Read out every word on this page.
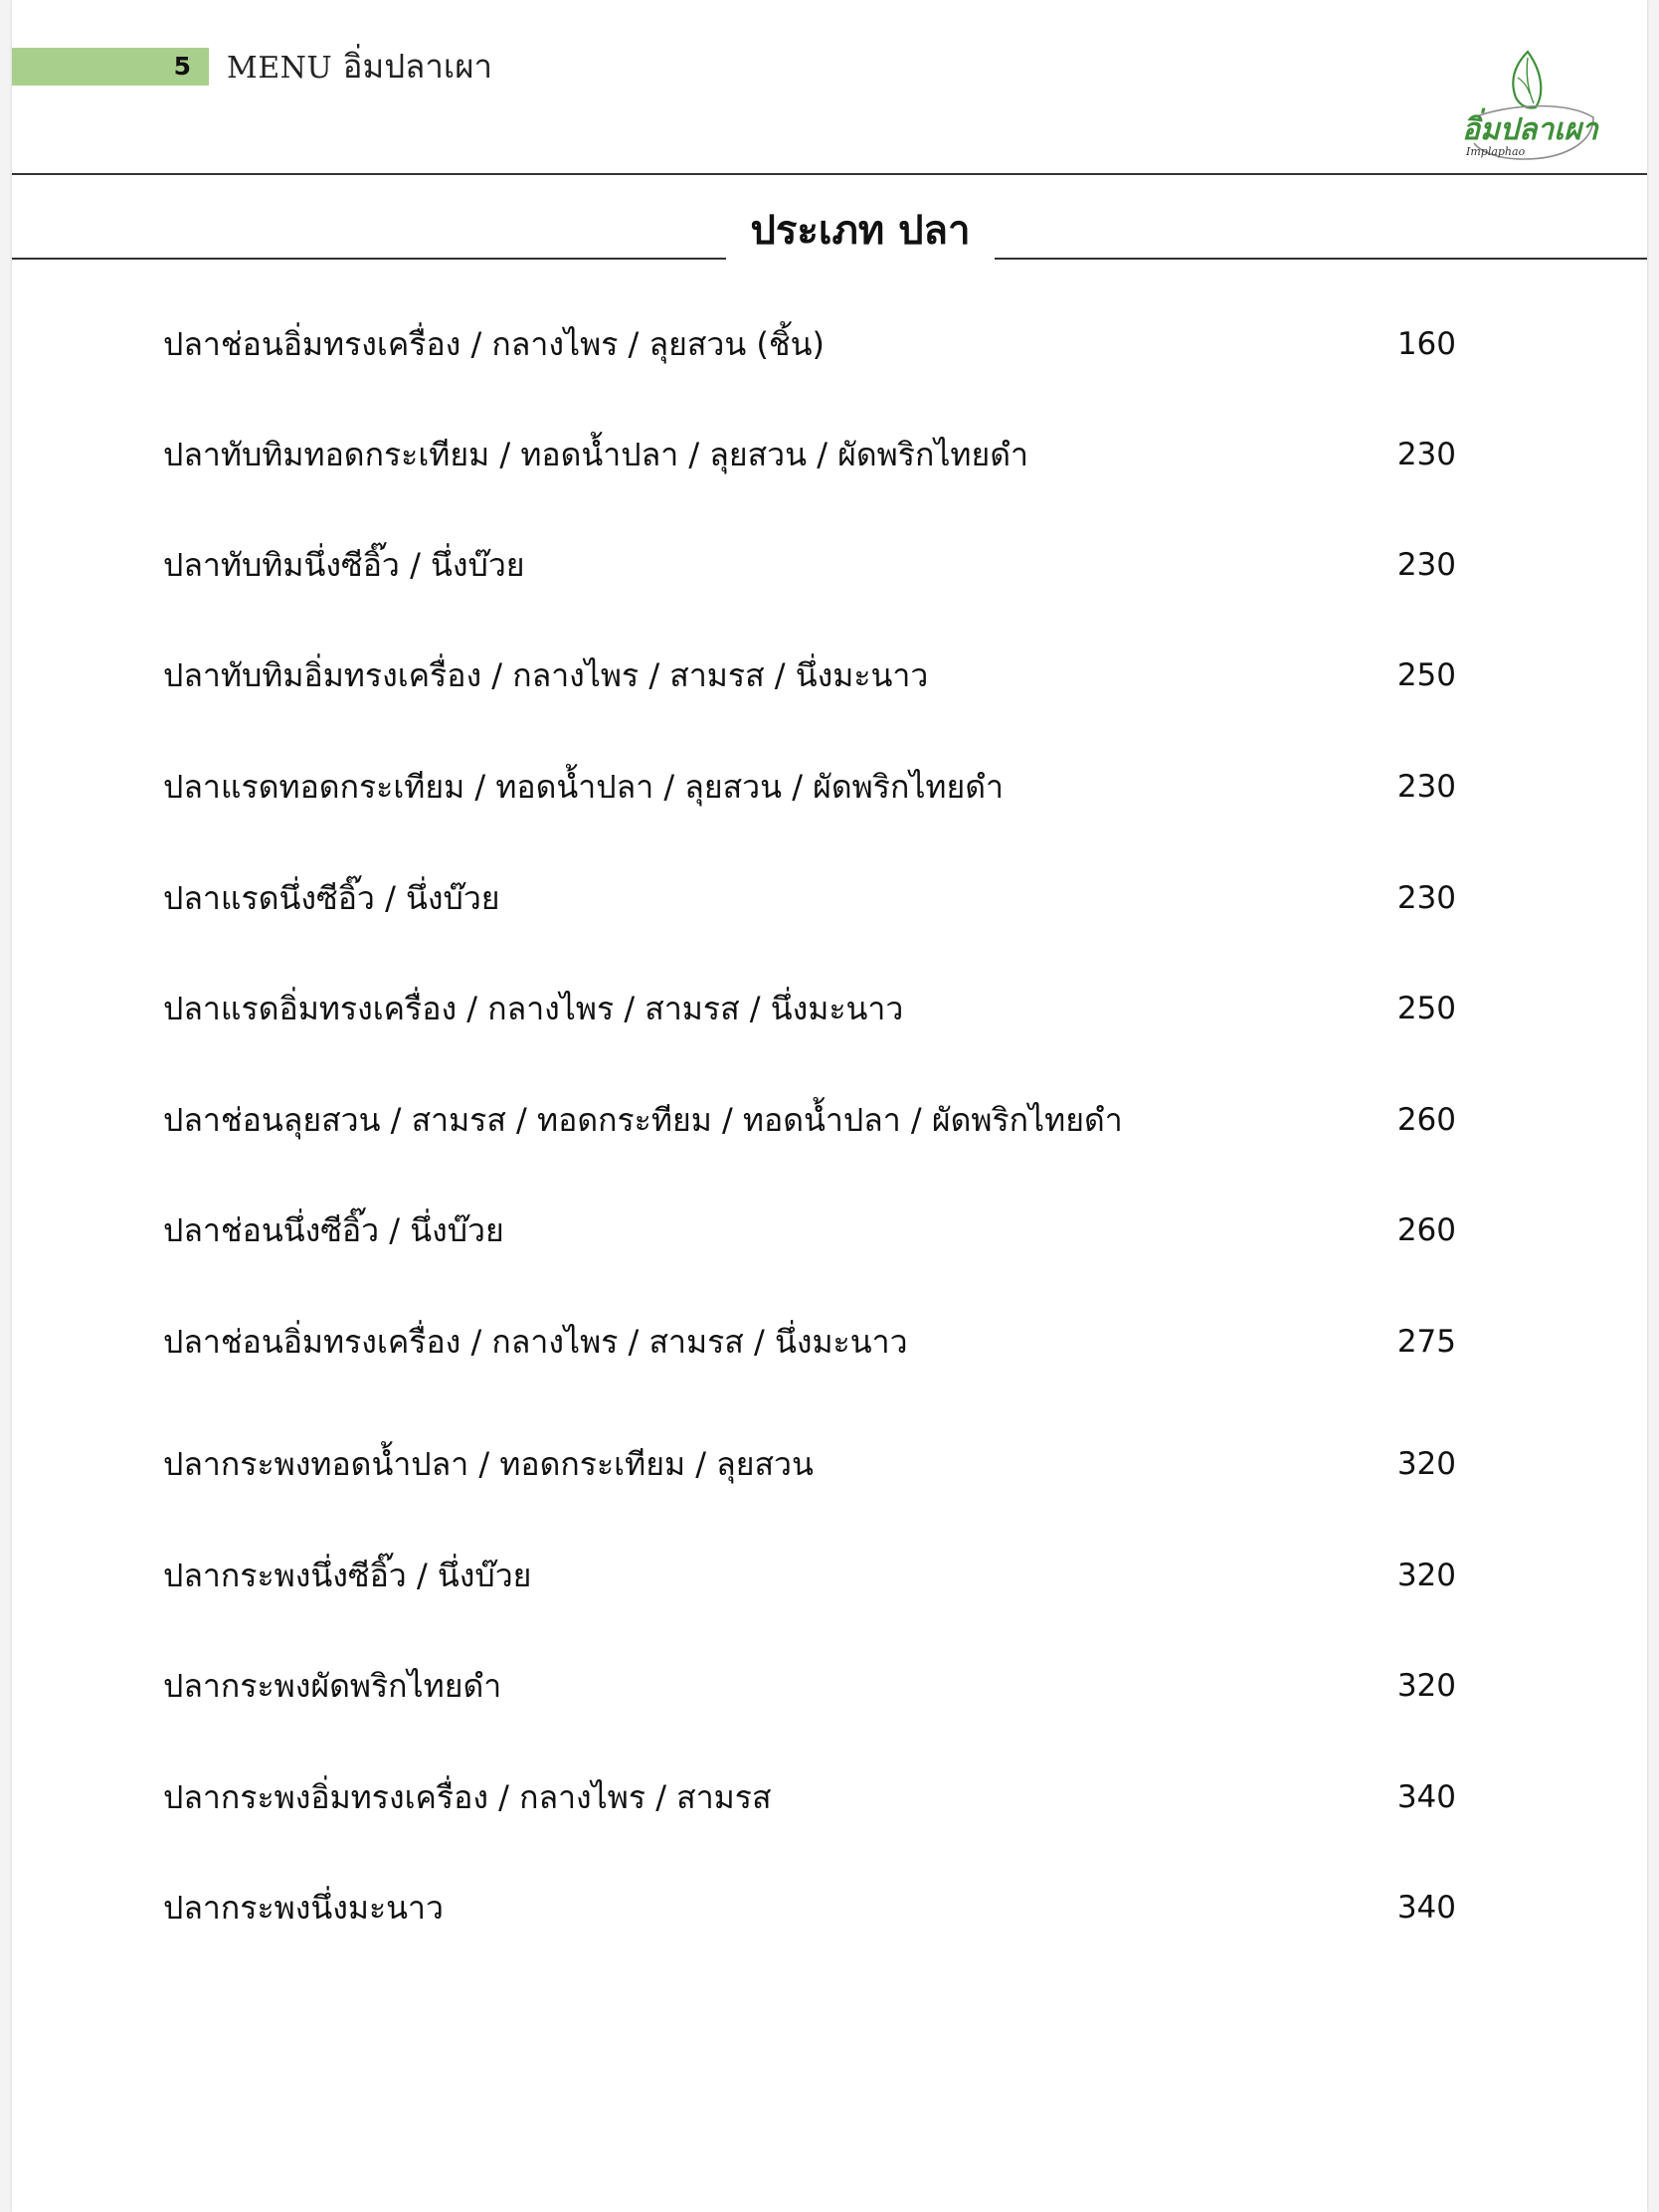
5	MENU อิ่มปลาเผา
อิ่มปลาเผา
Implaphao
ประเภท ปลา
ปลาช่อนอิ่มทรงเครื่อง / กลางไพร / ลุยสวน (ชิ้น)	160
ปลาทับทิมทอดกระเทียม / ทอดน้ำปลา / ลุยสวน / ผัดพริกไทยดำ	230
ปลาทับทิมนึ่งซีอิ๊ว / นึ่งบ๊วย	230
ปลาทับทิมอิ่มทรงเครื่อง / กลางไพร / สามรส / นึ่งมะนาว	250
ปลาแรดทอดกระเทียม / ทอดน้ำปลา / ลุยสวน / ผัดพริกไทยดำ	230
ปลาแรดนึ่งซีอิ๊ว / นึ่งบ๊วย	230
ปลาแรดอิ่มทรงเครื่อง / กลางไพร / สามรส / นึ่งมะนาว	250
ปลาช่อนลุยสวน / สามรส / ทอดกระทียม / ทอดน้ำปลา / ผัดพริกไทยดำ	260
ปลาช่อนนึ่งซีอิ๊ว / นึ่งบ๊วย	260
ปลาช่อนอิ่มทรงเครื่อง / กลางไพร / สามรส / นึ่งมะนาว	275
ปลากระพงทอดน้ำปลา / ทอดกระเทียม / ลุยสวน	320
ปลากระพงนึ่งซีอิ๊ว / นึ่งบ๊วย	320
ปลากระพงผัดพริกไทยดำ	320
ปลากระพงอิ่มทรงเครื่อง / กลางไพร / สามรส	340
ปลากระพงนึ่งมะนาว	340
